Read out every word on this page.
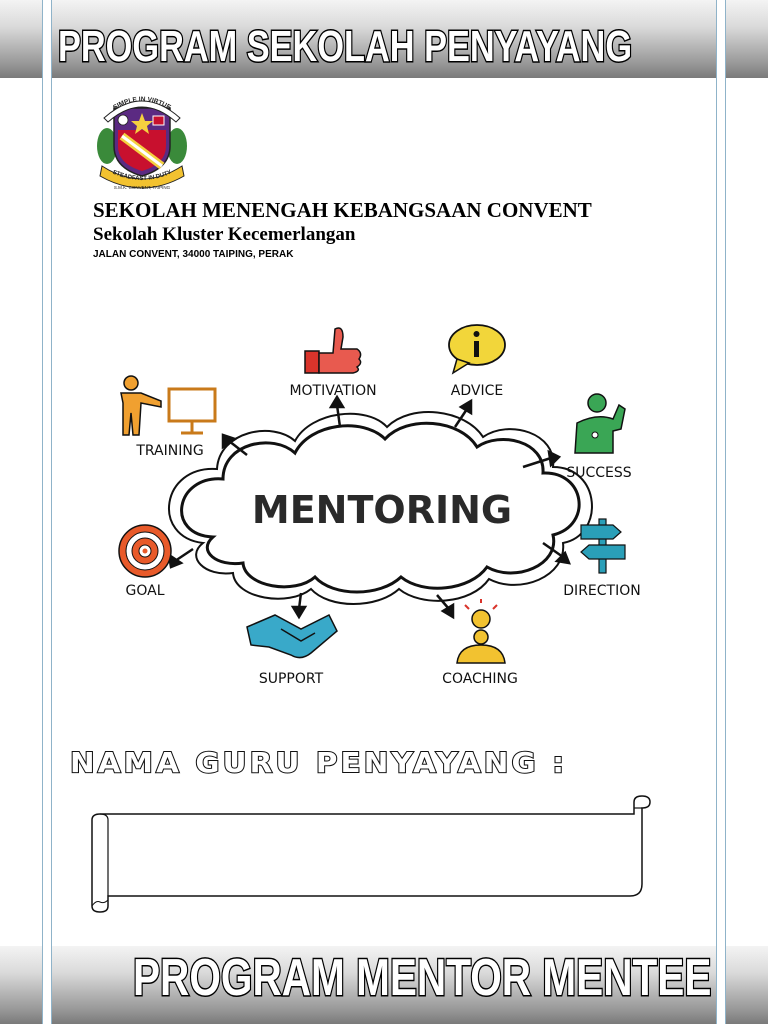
PROGRAM SEKOLAH PENYAYANG
PROGRAM MENTOR MENTEE
SIMPLE IN VIRTUE
STEADFAST IN DUTY
S.M.K. CONVENT, TAIPING
SEKOLAH MENENGAH KEBANGSAAN CONVENT
Sekolah Kluster Kecemerlangan
JALAN CONVENT, 34000 TAIPING, PERAK
MENTORING
MOTIVATION	ADVICE
TRAINING
SUCCESS
GOAL	DIRECTION
SUPPORT	COACHING
NAMA GURU PENYAYANG :
